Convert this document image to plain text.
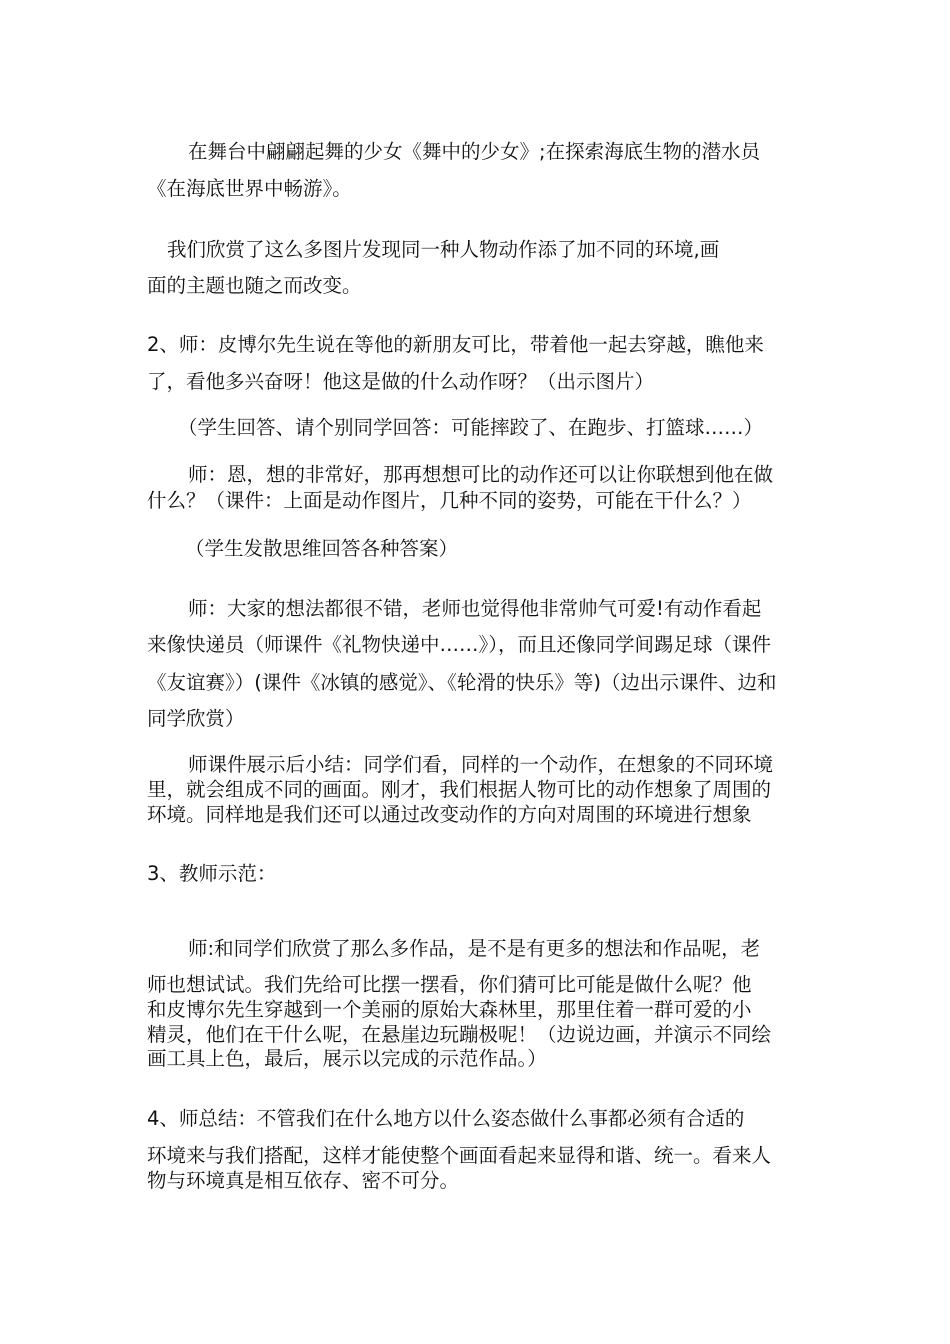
在舞台中翩翩起舞的少女《舞中的少女》;在探索海底生物的潜水员

《在海底世界中畅游》。

我们欣赏了这么多图片发现同一种人物动作添了加不同的环境,画

面的主题也随之而改变。

2、师：皮博尔先生说在等他的新朋友可比，带着他一起去穿越，瞧他来

了，看他多兴奋呀！他这是做的什么动作呀？（出示图片）

（学生回答、请个别同学回答：可能摔跤了、在跑步、打篮球……）

师：恩，想的非常好，那再想想可比的动作还可以让你联想到他在做

什么？（课件：上面是动作图片，几种不同的姿势，可能在干什么？）

（学生发散思维回答各种答案）

师：大家的想法都很不错，老师也觉得他非常帅气可爱!有动作看起

来像快递员（师课件《礼物快递中……》），而且还像同学间踢足球（课件

《友谊赛》）(课件《冰镇的感觉》、《轮滑的快乐》等)（边出示课件、边和

同学欣赏）

师课件展示后小结：同学们看，同样的一个动作，在想象的不同环境

里，就会组成不同的画面。刚才，我们根据人物可比的动作想象了周围的

环境。同样地是我们还可以通过改变动作的方向对周围的环境进行想象

3、教师示范：

师:和同学们欣赏了那么多作品，是不是有更多的想法和作品呢，老

师也想试试。我们先给可比摆一摆看，你们猜可比可能是做什么呢？他

和皮博尔先生穿越到一个美丽的原始大森林里，那里住着一群可爱的小

精灵，他们在干什么呢，在悬崖边玩蹦极呢！（边说边画，并演示不同绘

画工具上色，最后，展示以完成的示范作品。）

4、师总结：不管我们在什么地方以什么姿态做什么事都必须有合适的

环境来与我们搭配，这样才能使整个画面看起来显得和谐、统一。看来人

物与环境真是相互依存、密不可分。
